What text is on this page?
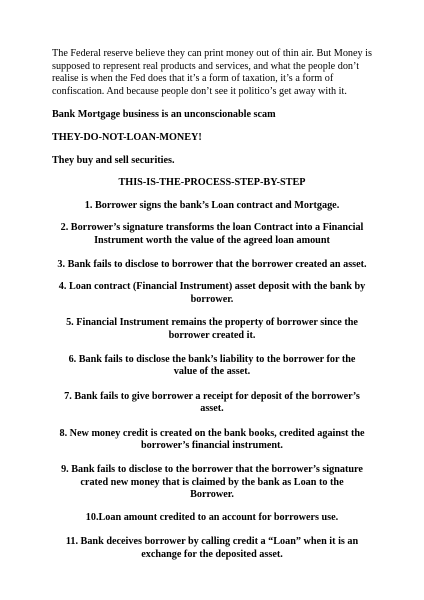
The Federal reserve believe they can print money out of thin air. But Money is
supposed to represent real products and services, and what the people don’t
realise is when the Fed does that it’s a form of taxation, it’s a form of
confiscation. And because people don’t see it politico’s get away with it.

Bank Mortgage business is an unconscionable scam

THEY-DO-NOT-LOAN-MONEY!

They buy and sell securities.

THIS-IS-THE-PROCESS-STEP-BY-STEP

1. Borrower signs the bank’s Loan contract and Mortgage.
2. Borrower’s signature transforms the loan Contract into a Financial
Instrument worth the value of the agreed loan amount
3. Bank fails to disclose to borrower that the borrower created an asset.
4. Loan contract (Financial Instrument) asset deposit with the bank by
borrower.
5. Financial Instrument remains the property of borrower since the
borrower created it.
6. Bank fails to disclose the bank’s liability to the borrower for the
value of the asset.
7. Bank fails to give borrower a receipt for deposit of the borrower’s
asset.
8. New money credit is created on the bank books, credited against the
borrower’s financial instrument.
9. Bank fails to disclose to the borrower that the borrower’s signature
crated new money that is claimed by the bank as Loan to the
Borrower.
10.Loan amount credited to an account for borrowers use.
11. Bank deceives borrower by calling credit a “Loan” when it is an
exchange for the deposited asset.
